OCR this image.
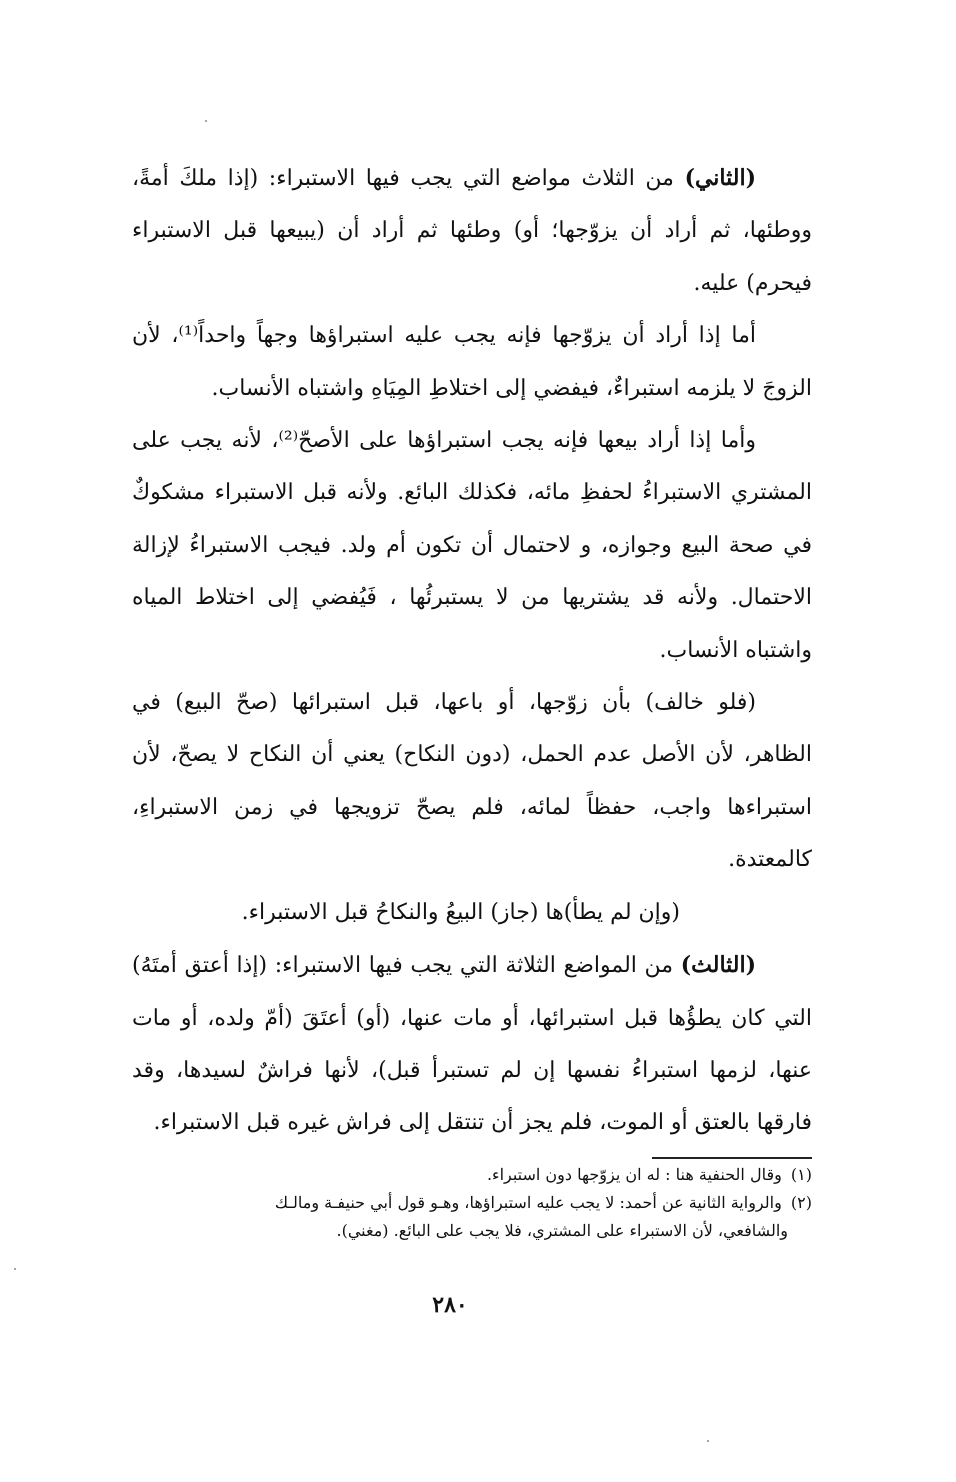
(الثاني) من الثلاث مواضع التي يجب فيها الاستبراء: (إذا ملكَ أمةً، ووطئها، ثم أراد أن يزوّجها؛ أو) وطئها ثم أراد أن (يبيعها قبل الاستبراء فيحرم) عليه.

أما إذا أراد أن يزوّجها فإنه يجب عليه استبراؤها وجهاً واحداً⁽¹⁾، لأن الزوجَ لا يلزمه استبراءٌ، فيفضي إلى اختلاطِ المِيَاهِ واشتباه الأنساب.

وأما إذا أراد بيعها فإنه يجب استبراؤها على الأصحّ⁽²⁾، لأنه يجب على المشتري الاستبراءُ لحفظِ مائه، فكذلك البائع. ولأنه قبل الاستبراء مشكوكٌ في صحة البيع وجوازه، و لاحتمال أن تكون أم ولد. فيجب الاستبراءُ لإزالة الاحتمال. ولأنه قد يشتريها من لا يستبرئُها ، فَيُفضي إلى اختلاط المياه واشتباه الأنساب.

(فلو خالف) بأن زوّجها، أو باعها، قبل استبرائها (صحّ البيع) في الظاهر، لأن الأصل عدم الحمل، (دون النكاح) يعني أن النكاح لا يصحّ، لأن استبراءها واجب، حفظاً لمائه، فلم يصحّ تزويجها في زمن الاستبراءِ، كالمعتدة.

(وإن لم يطأ)ها (جاز) البيعُ والنكاحُ قبل الاستبراء.

(الثالث) من المواضع الثلاثة التي يجب فيها الاستبراء: (إذا أعتق أمتَهُ) التي كان يطؤُها قبل استبرائها، أو مات عنها، (أو) أعتَقَ (أمّ ولده، أو مات عنها، لزمها استبراءُ نفسها إن لم تستبرأ قبل)، لأنها فراشٌ لسيدها، وقد فارقها بالعتق أو الموت، فلم يجز أن تنتقل إلى فراش غيره قبل الاستبراء.

(١) وقال الحنفية هنا : له ان يزوّجها دون استبراء.

(٢) والرواية الثانية عن أحمد: لا يجب عليه استبراؤها، وهـو قول أبي حنيفـة ومالـك

والشافعي، لأن الاستبراء على المشتري، فلا يجب على البائع. (مغني).

٢٨٠
